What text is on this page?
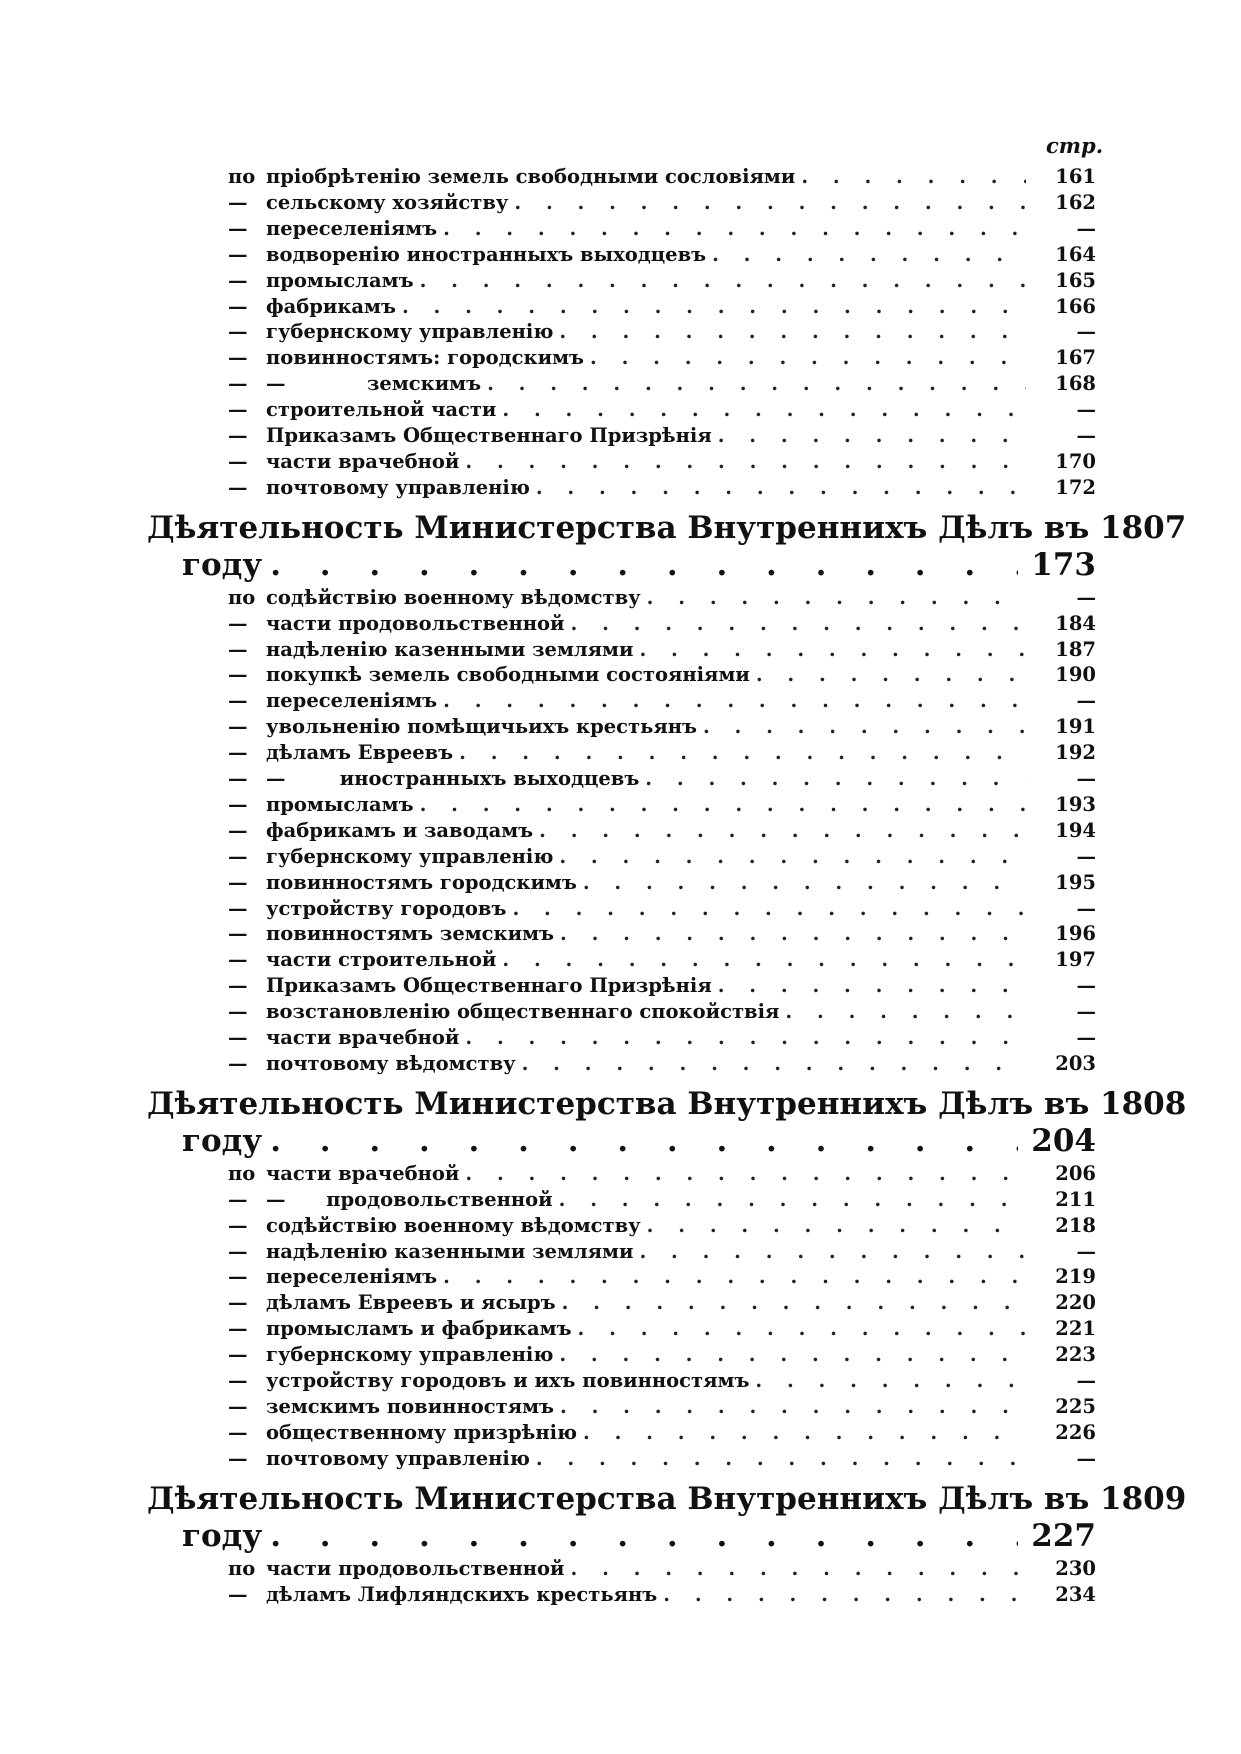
стр.
по пріобрѣтенію земель свободными сословіями . . .	161
— сельскому хозяйству . . .	162
— переселеніямъ . . .	—
— водворенію иностранныхъ выходцевъ . . .	164
— промысламъ . . .	165
— фабрикамъ . . .	166
— губернскому управленію . . .	—
— повинностямъ: городскимъ . . .	167
— —            земскимъ . . .	168
— строительной части . . .	—
— Приказамъ Общественнаго Призрѣнія . . .	—
— части врачебной . . .	170
— почтовому управленію . . .	172
Дѣятельность Министерства Внутреннихъ Дѣлъ въ 1807
году . . .	173
по содѣйствію военному вѣдомству . . .	—
— части продовольственной . . .	184
— надѣленію казенными землями . . .	187
— покупкѣ земель свободными состояніями . . .	190
— переселеніямъ . . .	—
— увольненію помѣщичьихъ крестьянъ . . .	191
— дѣламъ Евреевъ . . .	192
— —        иностранныхъ выходцевъ . . .	—
— промысламъ . . .	193
— фабрикамъ и заводамъ . . .	194
— губернскому управленію . . .	—
— повинностямъ городскимъ . . .	195
— устройству городовъ . . .	—
— повинностямъ земскимъ . . .	196
— части строительной . . .	197
— Приказамъ Общественнаго Призрѣнія . . .	—
— возстановленію общественнаго спокойствія . . .	—
— части врачебной . . .	—
— почтовому вѣдомству . . .	203
Дѣятельность Министерства Внутреннихъ Дѣлъ въ 1808
году . . .	204
по части врачебной . . .	206
— —      продовольственной . . .	211
— содѣйствію военному вѣдомству . . .	218
— надѣленію казенными землями . . .	—
— переселеніямъ . . .	219
— дѣламъ Евреевъ и ясыръ . . .	220
— промысламъ и фабрикамъ . . .	221
— губернскому управленію . . .	223
— устройству городовъ и ихъ повинностямъ . . .	—
— земскимъ повинностямъ . . .	225
— общественному призрѣнію . . .	226
— почтовому управленію . . .	—
Дѣятельность Министерства Внутреннихъ Дѣлъ въ 1809
году . . .	227
по части продовольственной . . .	230
— дѣламъ Лифляндскихъ крестьянъ . . .	234
